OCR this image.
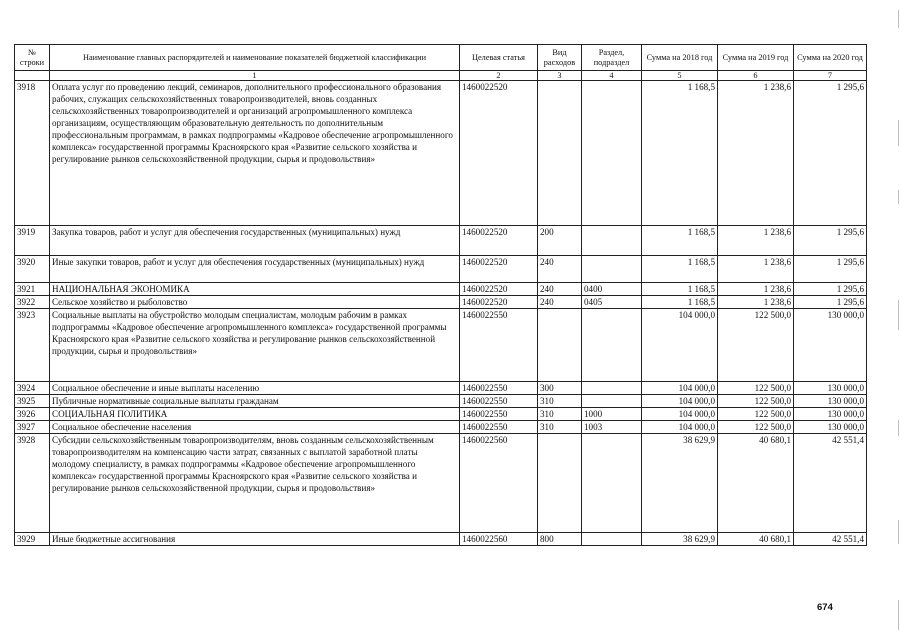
№ строки	Наименование главных распорядителей и наименование показателей бюджетной классификации	Целевая статья	Вид расходов	Раздел, подраздел	Сумма на 2018 год	Сумма на 2019 год	Сумма на 2020 год
	1	2	3	4	5	6	7
3918	Оплата услуг по проведению лекций, семинаров, дополнительного профессионального образования рабочих, служащих сельскохозяйственных товаропроизводителей, вновь созданных сельскохозяйственных товаропроизводителей и организаций агропромышленного комплекса организациям, осуществляющим образовательную деятельность по дополнительным профессиональным программам, в рамках подпрограммы «Кадровое обеспечение агропромышленного комплекса» государственной программы Красноярского края «Развитие сельского хозяйства и регулирование рынков сельскохозяйственной продукции, сырья и продовольствия»	1460022520			1 168,5	1 238,6	1 295,6
3919	Закупка товаров, работ и услуг для обеспечения государственных (муниципальных) нужд	1460022520	200		1 168,5	1 238,6	1 295,6
3920	Иные закупки товаров, работ и услуг для обеспечения государственных (муниципальных) нужд	1460022520	240		1 168,5	1 238,6	1 295,6
3921	НАЦИОНАЛЬНАЯ ЭКОНОМИКА	1460022520	240	0400	1 168,5	1 238,6	1 295,6
3922	Сельское хозяйство и рыболовство	1460022520	240	0405	1 168,5	1 238,6	1 295,6
3923	Социальные выплаты на обустройство молодым специалистам, молодым рабочим в рамках подпрограммы «Кадровое обеспечение агропромышленного комплекса» государственной программы Красноярского края «Развитие сельского хозяйства и регулирование рынков сельскохозяйственной продукции, сырья и продовольствия»	1460022550			104 000,0	122 500,0	130 000,0
3924	Социальное обеспечение и иные выплаты населению	1460022550	300		104 000,0	122 500,0	130 000,0
3925	Публичные нормативные социальные выплаты гражданам	1460022550	310		104 000,0	122 500,0	130 000,0
3926	СОЦИАЛЬНАЯ ПОЛИТИКА	1460022550	310	1000	104 000,0	122 500,0	130 000,0
3927	Социальное обеспечение населения	1460022550	310	1003	104 000,0	122 500,0	130 000,0
3928	Субсидии сельскохозяйственным товаропроизводителям, вновь созданным сельскохозяйственным товаропроизводителям на компенсацию части затрат, связанных с выплатой заработной платы молодому специалисту, в рамках подпрограммы «Кадровое обеспечение агропромышленного комплекса» государственной программы Красноярского края «Развитие сельского хозяйства и регулирование рынков сельскохозяйственной продукции, сырья и продовольствия»	1460022560			38 629,9	40 680,1	42 551,4
3929	Иные бюджетные ассигнования	1460022560	800		38 629,9	40 680,1	42 551,4
674
